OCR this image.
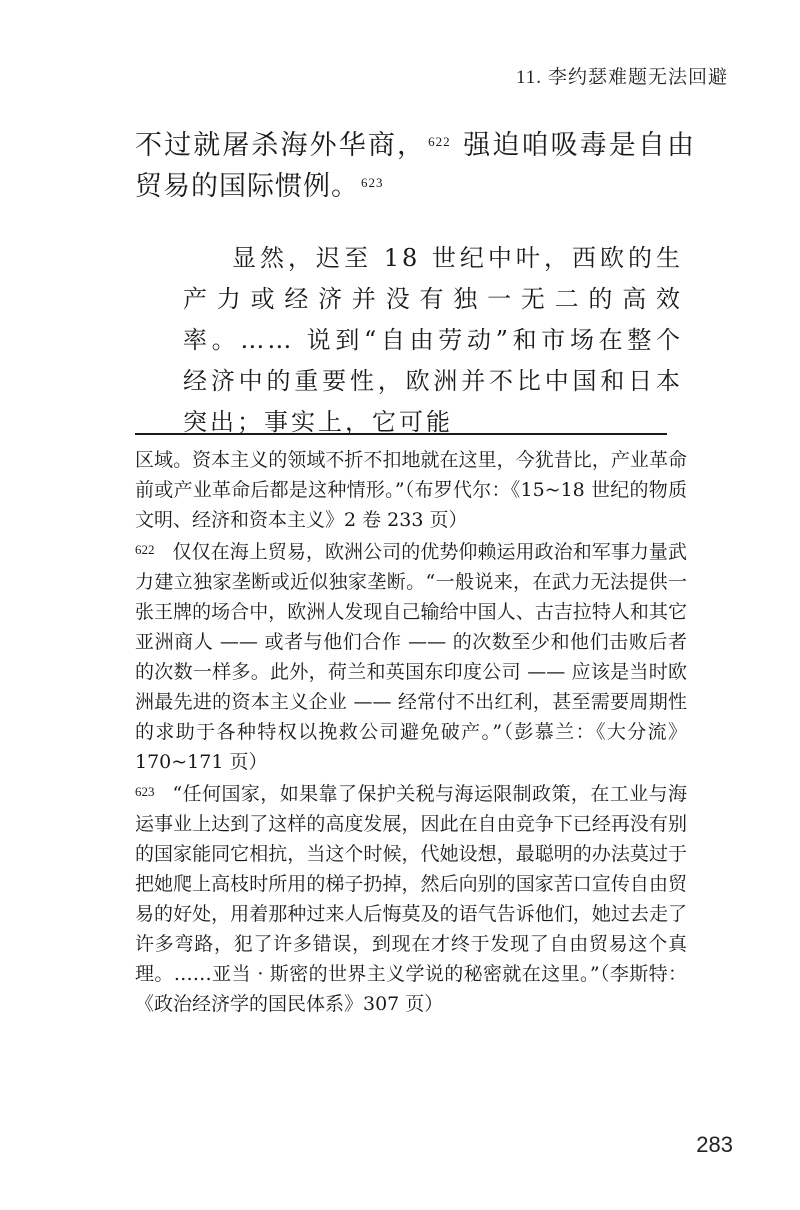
11. 李约瑟难题无法回避
不过就屠杀海外华商， $^{622}$ 强迫咱吸毒是自由贸易的国际惯例。 $^{623}$
显然，迟至 18 世纪中叶，西欧的生产力或经济并没有独一无二的高效率。…… 说到“自由劳动”和市场在整个经济中的重要性，欧洲并不比中国和日本突出；事实上，它可能

区域。资本主义的领域不折不扣地就在这里，今犹昔比，产业革命前或产业革命后都是这种情形。”（布罗代尔：《15~18 世纪的物质文明、经济和资本主义》2 卷 233 页）

$^{622}$ 仅仅在海上贸易，欧洲公司的优势仰赖运用政治和军事力量武力建立独家垄断或近似独家垄断。“一般说来，在武力无法提供一张王牌的场合中，欧洲人发现自己输给中国人、古吉拉特人和其它亚洲商人 —— 或者与他们合作 —— 的次数至少和他们击败后者的次数一样多。此外，荷兰和英国东印度公司 —— 应该是当时欧洲最先进的资本主义企业 —— 经常付不出红利，甚至需要周期性的求助于各种特权以挽救公司避免破产。”（彭慕兰：《大分流》170~171 页）

$^{623}$ “任何国家，如果靠了保护关税与海运限制政策，在工业与海运事业上达到了这样的高度发展，因此在自由竞争下已经再没有别的国家能同它相抗，当这个时候，代她设想，最聪明的办法莫过于把她爬上高枝时所用的梯子扔掉，然后向别的国家苦口宣传自由贸易的好处，用着那种过来人后悔莫及的语气告诉他们，她过去走了许多弯路，犯了许多错误，到现在才终于发现了自由贸易这个真理。……亚当 · 斯密的世界主义学说的秘密就在这里。”（李斯特：《政治经济学的国民体系》307 页）

283
